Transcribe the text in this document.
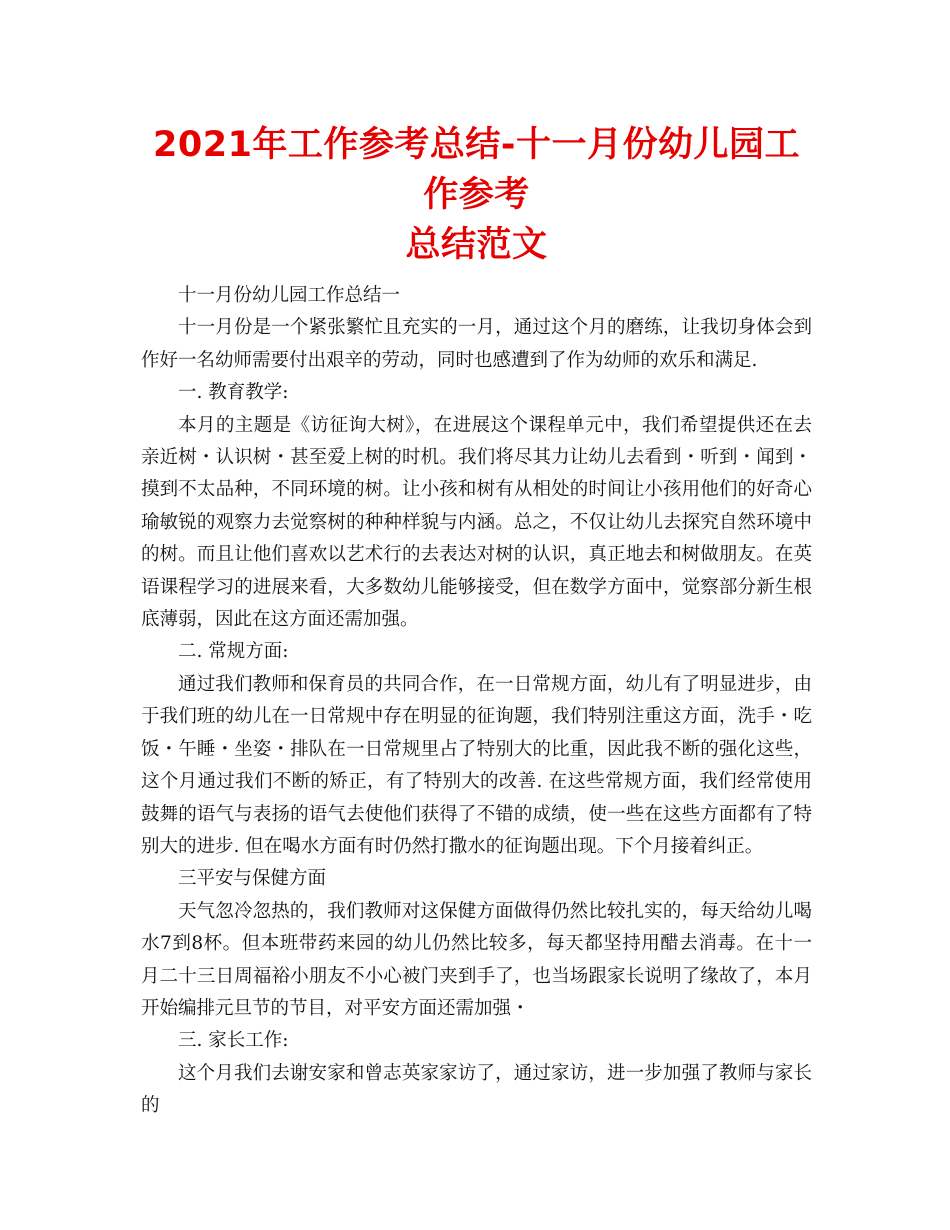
2021年工作参考总结-十一月份幼儿园工作参考
总结范文

十一月份幼儿园工作总结一

十一月份是一个紧张繁忙且充实的一月，通过这个月的磨练，让我切身体会到作好一名幼师需要付出艰辛的劳动，同时也感遭到了作为幼师的欢乐和满足.

一. 教育教学:

本月的主题是《访征询大树》，在进展这个课程单元中，我们希望提供还在去亲近树・认识树・甚至爱上树的时机。我们将尽其力让幼儿去看到・听到・闻到・摸到不太品种，不同环境的树。让小孩和树有从相处的时间让小孩用他们的好奇心瑜敏锐的观察力去觉察树的种种样貌与内涵。总之，不仅让幼儿去探究自然环境中的树。而且让他们喜欢以艺术行的去表达对树的认识，真正地去和树做朋友。在英语课程学习的进展来看，大多数幼儿能够接受，但在数学方面中，觉察部分新生根底薄弱，因此在这方面还需加强。

二. 常规方面:

通过我们教师和保育员的共同合作，在一日常规方面，幼儿有了明显进步，由于我们班的幼儿在一日常规中存在明显的征询题，我们特别注重这方面，洗手・吃饭・午睡・坐姿・排队在一日常规里占了特别大的比重，因此我不断的强化这些，这个月通过我们不断的矫正，有了特别大的改善. 在这些常规方面，我们经常使用鼓舞的语气与表扬的语气去使他们获得了不错的成绩，使一些在这些方面都有了特别大的进步. 但在喝水方面有时仍然打撒水的征询题出现。下个月接着纠正。

三平安与保健方面

天气忽冷忽热的，我们教师对这保健方面做得仍然比较扎实的，每天给幼儿喝水7到8杯。但本班带药来园的幼儿仍然比较多，每天都坚持用醋去消毒。在十一月二十三日周福裕小朋友不小心被门夹到手了，也当场跟家长说明了缘故了，本月开始编排元旦节的节目，对平安方面还需加强・

三. 家长工作:

这个月我们去谢安家和曾志英家家访了，通过家访，进一步加强了教师与家长的
